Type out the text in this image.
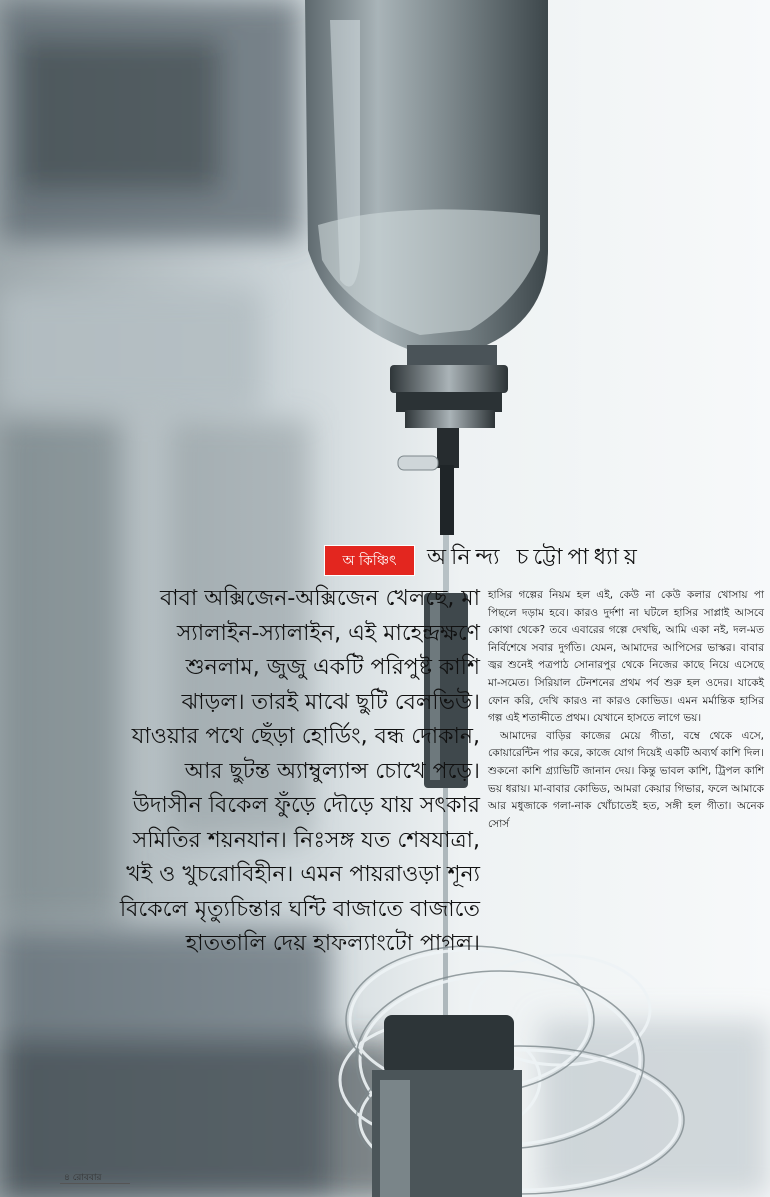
অ কিঞ্চিৎ	অনিন্দ্য চট্টোপাধ্যায়
বাবা অক্সিজেন-অক্সিজেন খেলছে, মা
স্যালাইন-স্যালাইন, এই মাহেন্দ্রক্ষণে
শুনলাম, জুজু একটি পরিপুষ্ট কাশি
ঝাড়ল। তারই মাঝে ছুটি বেলভিউ।
যাওয়ার পথে ছেঁড়া হোর্ডিং, বন্ধ দোকান,
আর ছুটন্ত অ্যাম্বুল্যান্স চোখে পড়ে।
উদাসীন বিকেল ফুঁড়ে দৌড়ে যায় সৎকার
সমিতির শয়নযান। নিঃসঙ্গ যত শেষযাত্রা,
খই ও খুচরোবিহীন। এমন পায়রাওড়া শূন্য
বিকেলে মৃত্যুচিন্তার ঘন্টি বাজাতে বাজাতে
হাততালি দেয় হাফল্যাংটো পাগল।

হাসির গল্পের নিয়ম হল এই, কেউ না কেউ কলার খোসায় পা পিছলে দড়াম হবে। কারও দুর্দশা না ঘটলে হাসির সাপ্লাই আসবে কোথা থেকে? তবে এবারের গল্পে দেখছি, আমি একা নই, দল-মত নির্বিশেষে সবার দুর্গতি। যেমন, আমাদের আপিসের ভাস্কর। বাবার জ্বর শুনেই পত্রপাঠ সোনারপুর থেকে নিজের কাছে নিয়ে এসেছে মা-সমেত। সিরিয়াল টেনশনের প্রথম পর্ব শুরু হল ওদের। যাকেই ফোন করি, দেখি কারও না কারও কোভিড। এমন মর্মান্তিক হাসির গল্প এই শতাব্দীতে প্রথম। যেখানে হাসতে লাগে ভয়।

আমাদের বাড়ির কাজের মেয়ে গীতা, বম্বে থেকে এসে, কোয়ারেন্টিন পার করে, কাজে যোগ দিয়েই একটি অব্যর্থ কাশি দিল। শুকনো কাশি গ্র্যাভিটি জানান দেয়। কিন্তু ভাবল কাশি, ট্রিপল কাশি ভয় ধরায়। মা-বাবার কোভিড, আমরা কেয়ার গিভার, ফলে আমাকে আর মধুজাকে গলা-নাক খোঁচাতেই হত, সঙ্গী হল গীতা। অনেক সোর্স

৪ রোববার
